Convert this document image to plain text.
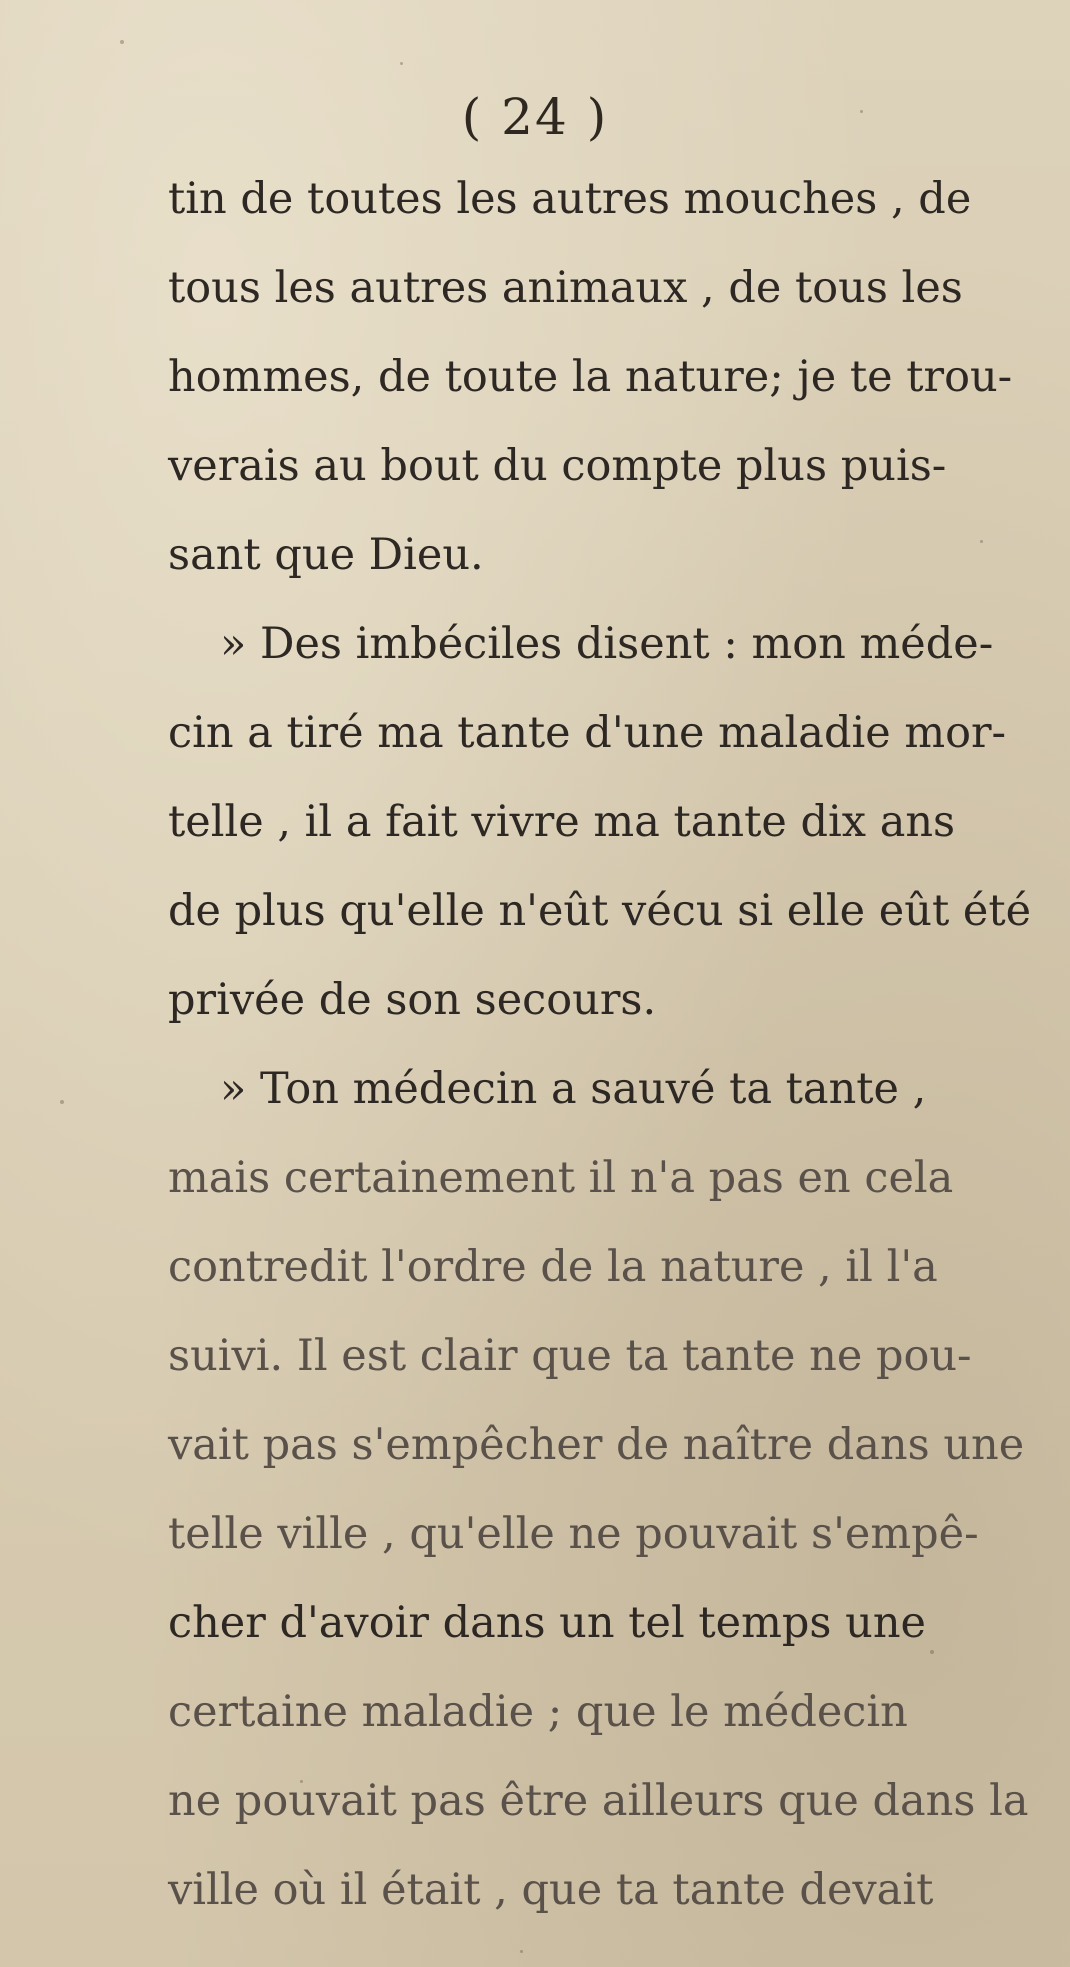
( 24 )
tin de toutes les autres mouches , de
tous les autres animaux , de tous les
hommes, de toute la nature; je te trou-
verais au bout du compte plus puis-
sant que Dieu.
» Des imbéciles disent : mon méde-
cin a tiré ma tante d'une maladie mor-
telle , il a fait vivre ma tante dix ans
de plus qu'elle n'eût vécu si elle eût été
privée de son secours.
» Ton médecin a sauvé ta tante ,
mais certainement il n'a pas en cela
contredit l'ordre de la nature , il l'a
suivi. Il est clair que ta tante ne pou-
vait pas s'empêcher de naître dans une
telle ville , qu'elle ne pouvait s'empê-
cher d'avoir dans un tel temps une
certaine maladie ; que le médecin
ne pouvait pas être ailleurs que dans la
ville où il était , que ta tante devait
